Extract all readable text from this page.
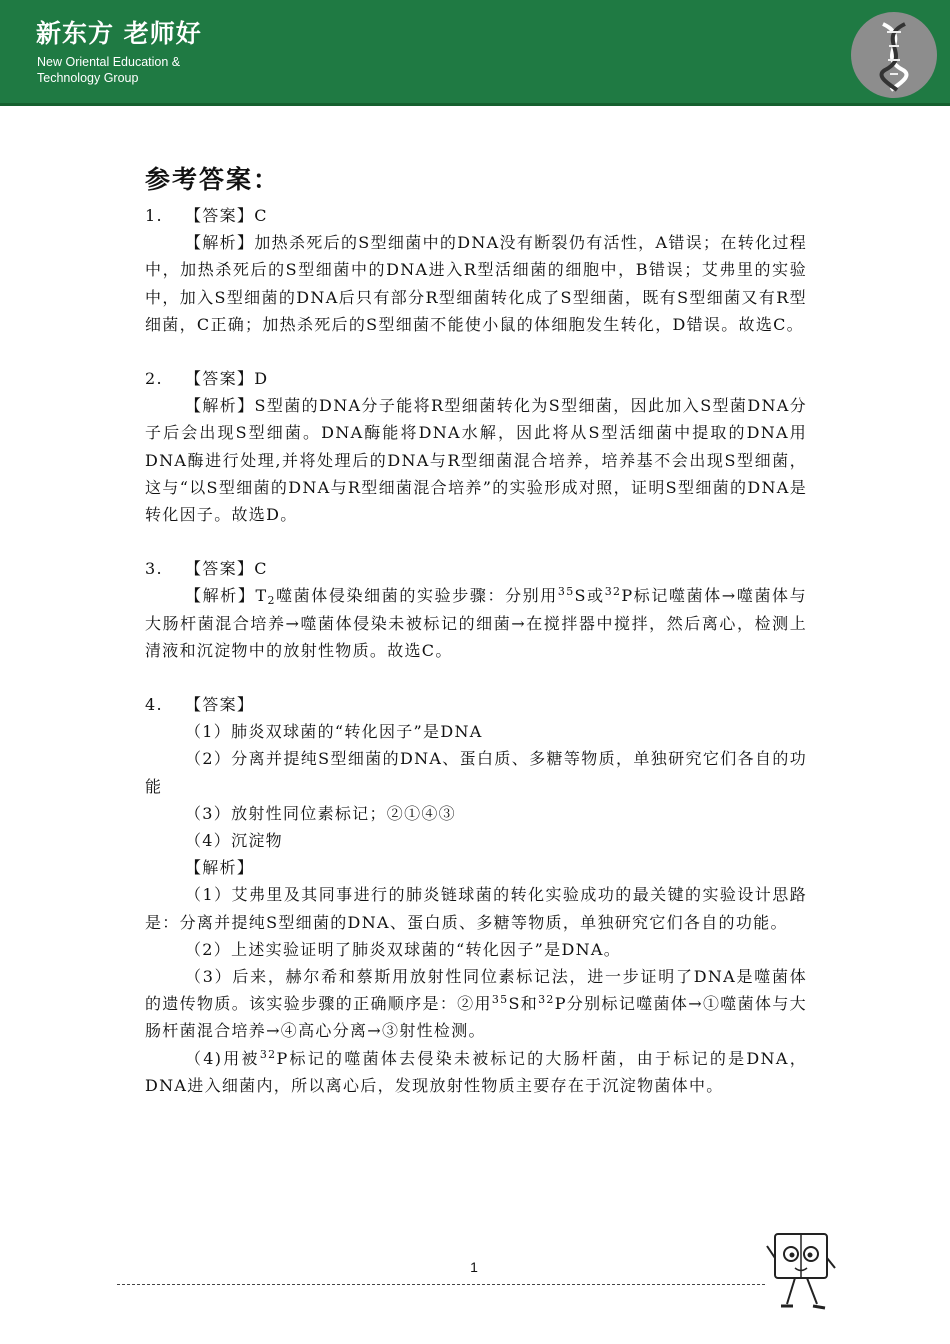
新东方 老师好
New Oriental Education &
Technology Group
参考答案：

1. 【答案】C

【解析】加热杀死后的S型细菌中的DNA没有断裂仍有活性，A错误；在转化过程中，加热杀死后的S型细菌中的DNA进入R型活细菌的细胞中，B错误；艾弗里的实验中，加入S型细菌的DNA后只有部分R型细菌转化成了S型细菌，既有S型细菌又有R型细菌，C正确；加热杀死后的S型细菌不能使小鼠的体细胞发生转化，D错误。故选C。

2. 【答案】D

【解析】S型菌的DNA分子能将R型细菌转化为S型细菌，因此加入S型菌DNA分子后会出现S型细菌。DNA酶能将DNA水解，因此将从S型活细菌中提取的DNA用DNA酶进行处理,并将处理后的DNA与R型细菌混合培养，培养基不会出现S型细菌，这与“以S型细菌的DNA与R型细菌混合培养”的实验形成对照，证明S型细菌的DNA是转化因子。故选D。

3. 【答案】C

【解析】$T_2$噬菌体侵染细菌的实验步骤：分别用$^{35}$S或$^{32}$P标记噬菌体→噬菌体与大肠杆菌混合培养→噬菌体侵染未被标记的细菌→在搅拌器中搅拌，然后离心，检测上清液和沉淀物中的放射性物质。故选C。

4. 【答案】

（1）肺炎双球菌的“转化因子”是DNA

（2）分离并提纯S型细菌的DNA、蛋白质、多糖等物质，单独研究它们各自的功能

（3）放射性同位素标记；②①④③

（4）沉淀物

【解析】

（1）艾弗里及其同事进行的肺炎链球菌的转化实验成功的最关键的实验设计思路是：分离并提纯S型细菌的DNA、蛋白质、多糖等物质，单独研究它们各自的功能。

（2）上述实验证明了肺炎双球菌的“转化因子”是DNA。

（3）后来，赫尔希和蔡斯用放射性同位素标记法，进一步证明了DNA是噬菌体的遗传物质。该实验步骤的正确顺序是：②用$^{35}$S和$^{32}$P分别标记噬菌体→①噬菌体与大肠杆菌混合培养→④高心分离→③射性检测。

（4)用被$^{32}$P标记的噬菌体去侵染未被标记的大肠杆菌，由于标记的是DNA，DNA进入细菌内，所以离心后，发现放射性物质主要存在于沉淀物菌体中。

1
